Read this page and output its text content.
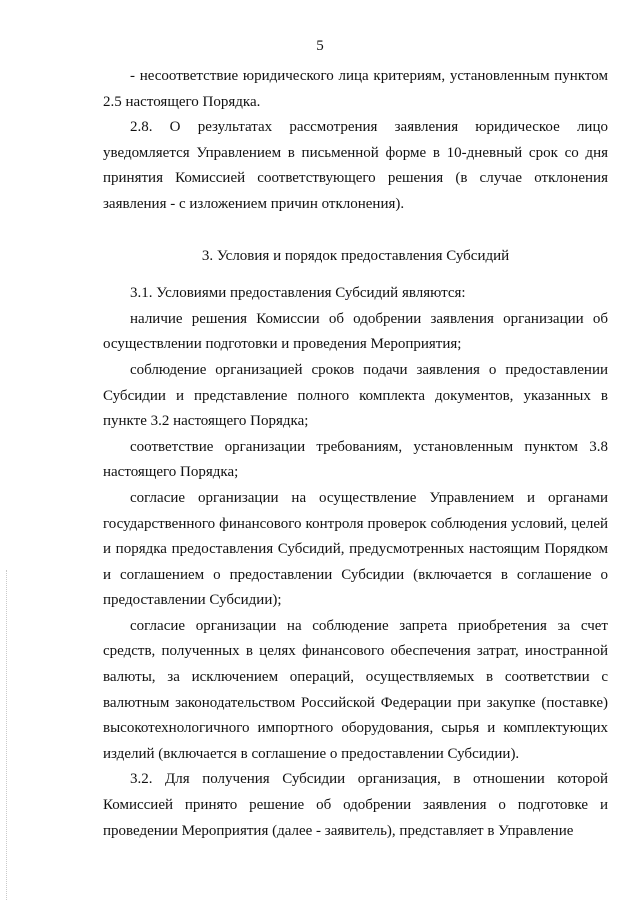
5

- несоответствие юридического лица критериям, установленным пунктом 2.5 настоящего Порядка.

2.8. О результатах рассмотрения заявления юридическое лицо уведомляется Управлением в письменной форме в 10-дневный срок со дня принятия Комиссией соответствующего решения (в случае отклонения заявления - с изложением причин отклонения).

3. Условия и порядок предоставления Субсидий

3.1. Условиями предоставления Субсидий являются:

наличие решения Комиссии об одобрении заявления организации об осуществлении подготовки и проведения Мероприятия;

соблюдение организацией сроков подачи заявления о предоставлении Субсидии и представление полного комплекта документов, указанных в пункте 3.2 настоящего Порядка;

соответствие организации требованиям, установленным пунктом 3.8 настоящего Порядка;

согласие организации на осуществление Управлением и органами государственного финансового контроля проверок соблюдения условий, целей и порядка предоставления Субсидий, предусмотренных настоящим Порядком и соглашением о предоставлении Субсидии (включается в соглашение о предоставлении Субсидии);

согласие организации на соблюдение запрета приобретения за счет средств, полученных в целях финансового обеспечения затрат, иностранной валюты, за исключением операций, осуществляемых в соответствии с валютным законодательством Российской Федерации при закупке (поставке) высокотехнологичного импортного оборудования, сырья и комплектующих изделий (включается в соглашение о предоставлении Субсидии).

3.2. Для получения Субсидии организация, в отношении которой Комиссией принято решение об одобрении заявления о подготовке и проведении Мероприятия (далее - заявитель), представляет в Управление
